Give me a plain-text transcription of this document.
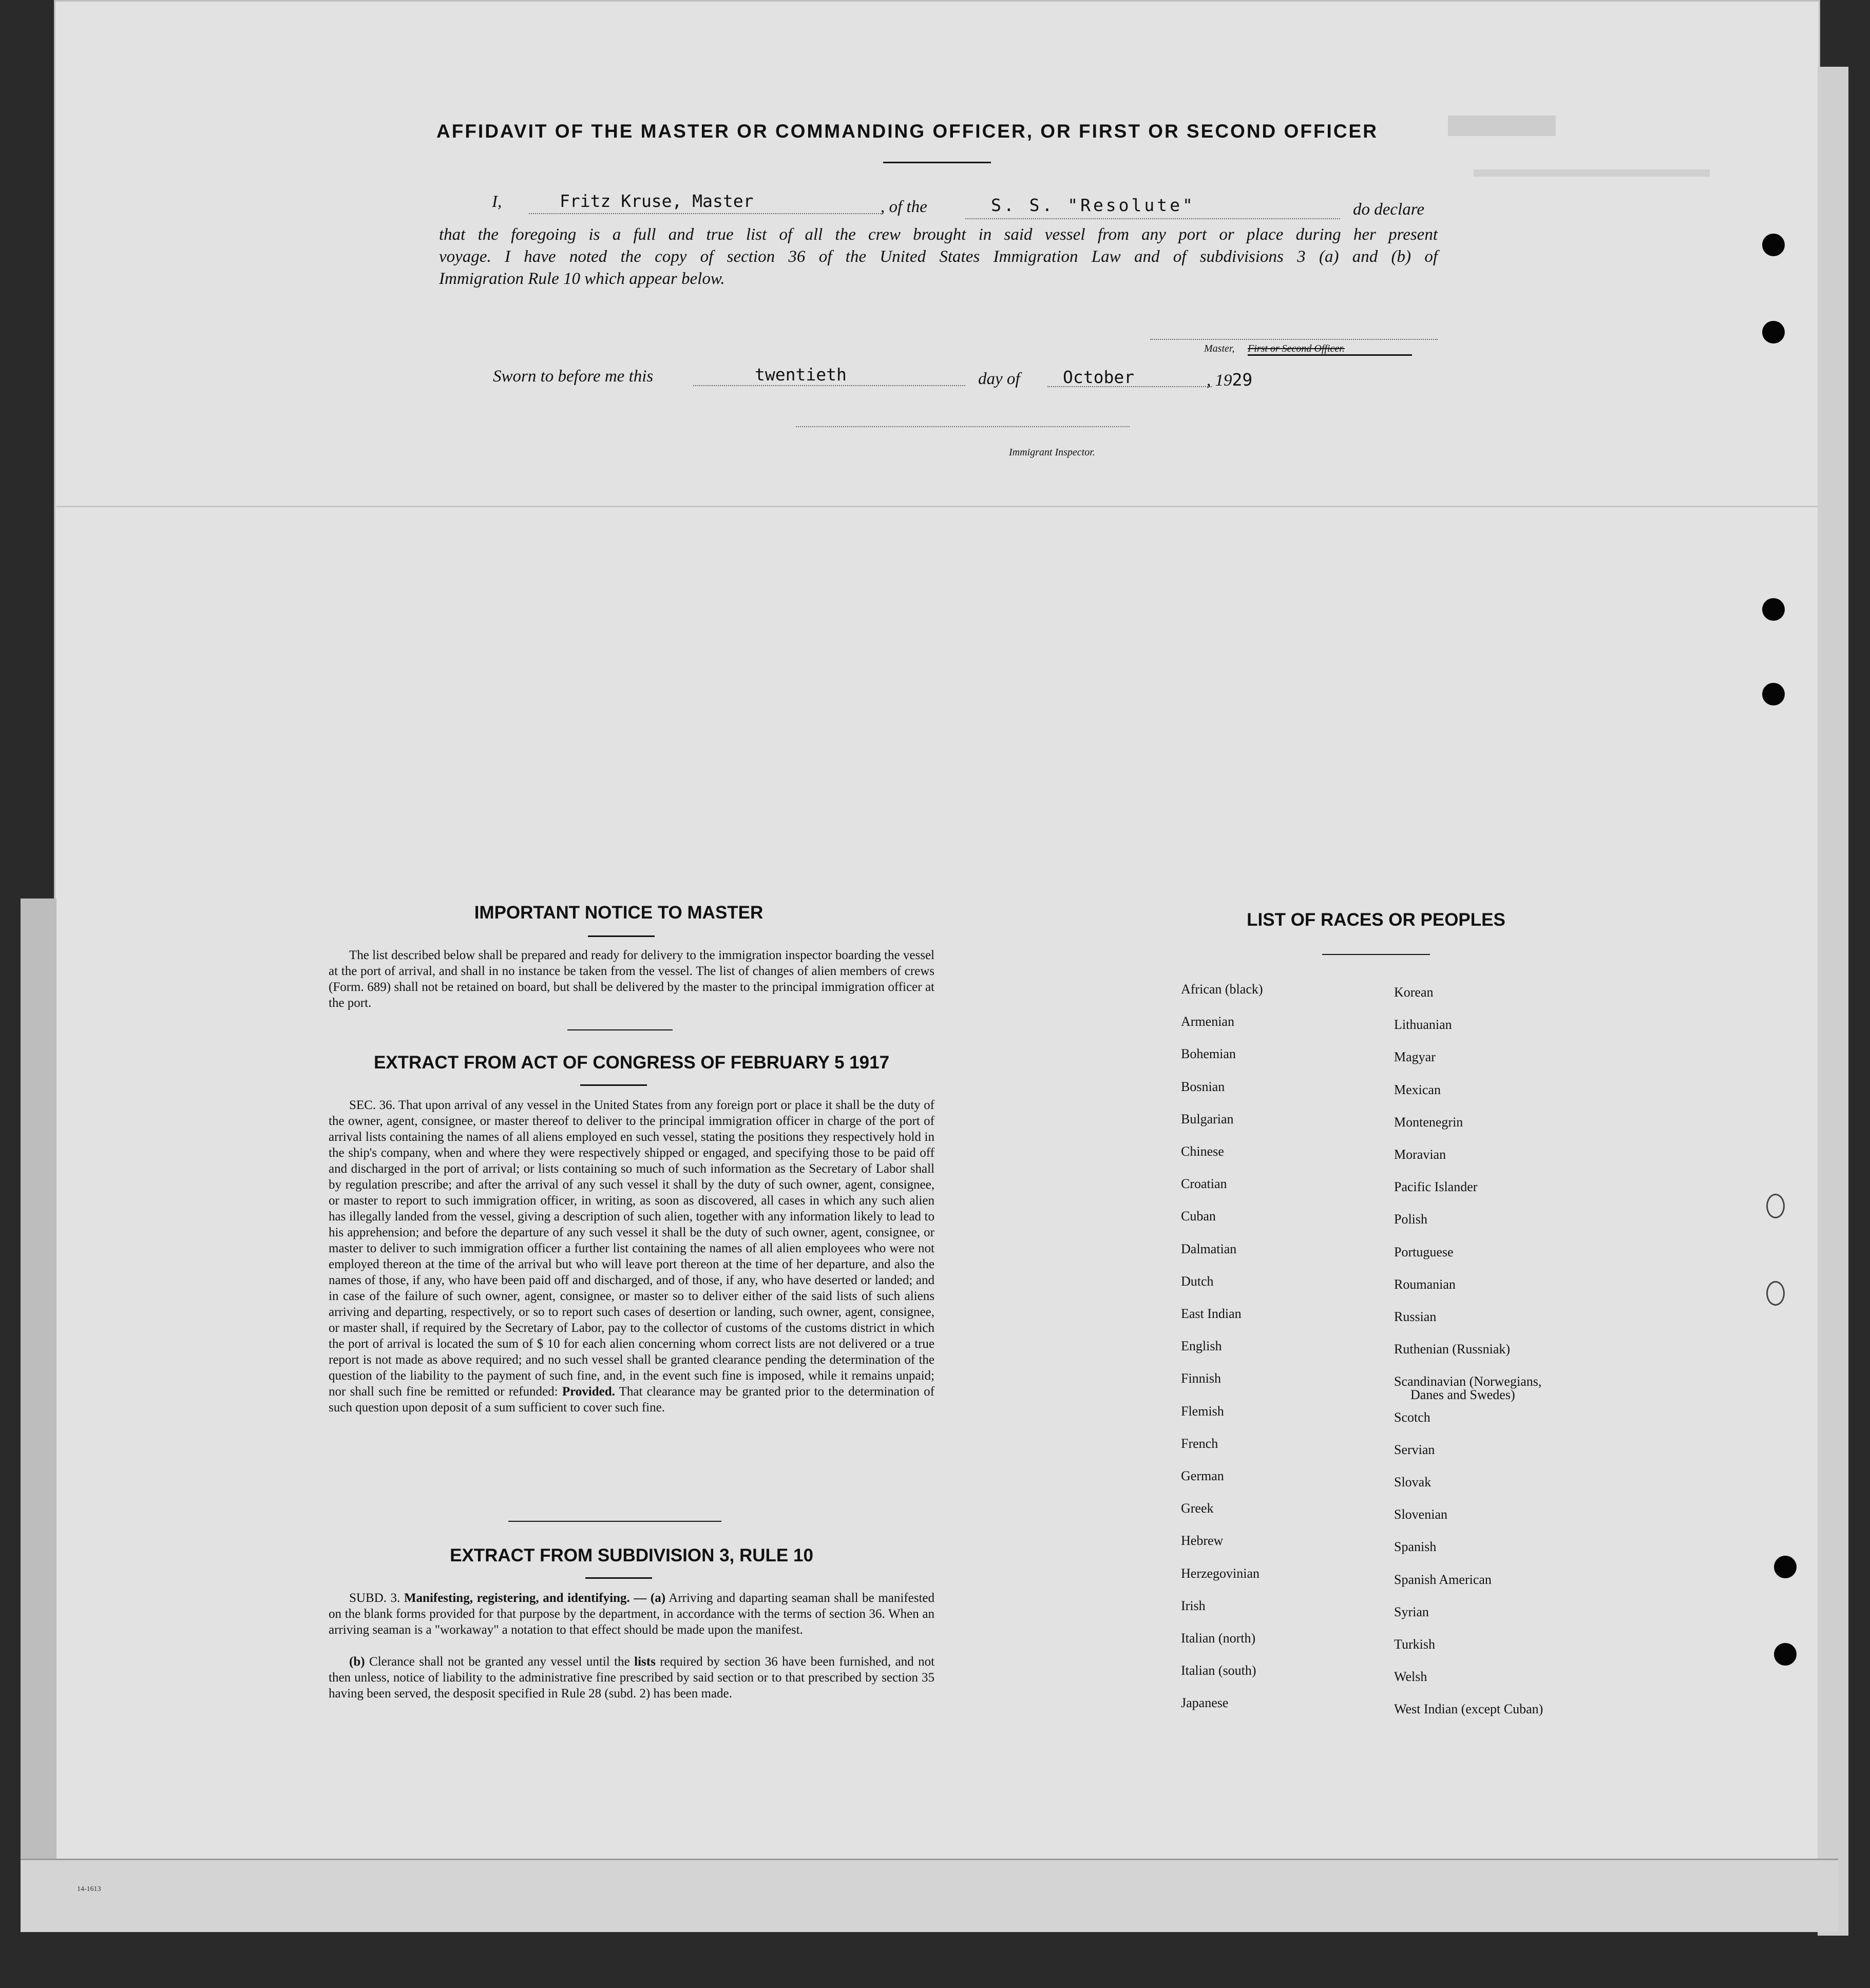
AFFIDAVIT OF THE MASTER OR COMMANDING OFFICER, OR FIRST OR SECOND OFFICER
I,	Fritz Kruse, Master	, of the	S. S. "Resolute"	do declare
that the foregoing is a full and true list of all the crew brought in said vessel from any port or place during her present
voyage. I have noted the copy of section 36 of the United States Immigration Law and of subdivisions 3 (a) and (b) of
Immigration Rule 10 which appear below.
Master, First or Second Officer.
Sworn to before me this	twentieth	day of	October	, 1929
Immigrant Inspector.
IMPORTANT NOTICE TO MASTER
The list described below shall be prepared and ready for delivery to the immigration inspector boarding the vessel at the port of arrival, and shall in no instance be taken from the vessel. The list of changes of alien members of crews (Form. 689) shall not be retained on board, but shall be delivered by the master to the principal immigration officer at the port.
EXTRACT FROM ACT OF CONGRESS OF FEBRUARY 5 1917
SEC. 36. That upon arrival of any vessel in the United States from any foreign port or place it shall be the duty of the owner, agent, consignee, or master thereof to deliver to the principal immigration officer in charge of the port of arrival lists containing the names of all aliens employed en such vessel, stating the positions they respectively hold in the ship's company, when and where they were respectively shipped or engaged, and specifying those to be paid off and discharged in the port of arrival; or lists containing so much of such information as the Secretary of Labor shall by regulation prescribe; and after the arrival of any such vessel it shall by the duty of such owner, agent, consignee, or master to report to such immigration officer, in writing, as soon as discovered, all cases in which any such alien has illegally landed from the vessel, giving a description of such alien, together with any information likely to lead to his apprehension; and before the departure of any such vessel it shall be the duty of such owner, agent, consignee, or master to deliver to such immigration officer a further list containing the names of all alien employees who were not employed thereon at the time of the arrival but who will leave port thereon at the time of her departure, and also the names of those, if any, who have been paid off and discharged, and of those, if any, who have deserted or landed; and in case of the failure of such owner, agent, consignee, or master so to deliver either of the said lists of such aliens arriving and departing, respectively, or so to report such cases of desertion or landing, such owner, agent, consignee, or master shall, if required by the Secretary of Labor, pay to the collector of customs of the customs district in which the port of arrival is located the sum of $ 10 for each alien concerning whom correct lists are not delivered or a true report is not made as above required; and no such vessel shall be granted clearance pending the determination of the question of the liability to the payment of such fine, and, in the event such fine is imposed, while it remains unpaid; nor shall such fine be remitted or refunded: Provided. That clearance may be granted prior to the determination of such question upon deposit of a sum sufficient to cover such fine.
EXTRACT FROM SUBDIVISION 3, RULE 10
SUBD. 3. Manifesting, registering, and identifying. — (a) Arriving and daparting seaman shall be manifested on the blank forms provided for that purpose by the department, in accordance with the terms of section 36. When an arriving seaman is a "workaway" a notation to that effect should be made upon the manifest.
(b) Clerance shall not be granted any vessel until the lists required by section 36 have been furnished, and not then unless, notice of liability to the administrative fine prescribed by said section or to that prescribed by section 35 having been served, the desposit specified in Rule 28 (subd. 2) has been made.
LIST OF RACES OR PEOPLES
African (black)
Armenian
Bohemian
Bosnian
Bulgarian
Chinese
Croatian
Cuban
Dalmatian
Dutch
East Indian
English
Finnish
Flemish
French
German
Greek
Hebrew
Herzegovinian
Irish
Italian (north)
Italian (south)
Japanese
Korean
Lithuanian
Magyar
Mexican
Montenegrin
Moravian
Pacific Islander
Polish
Portuguese
Roumanian
Russian
Ruthenian (Russniak)
Scandinavian (Norwegians,
Scotch
Servian
Slovak
Slovenian
Spanish
Spanish American
Syrian
Turkish
Welsh
West Indian (except Cuban)
Danes and Swedes)
14-1613
